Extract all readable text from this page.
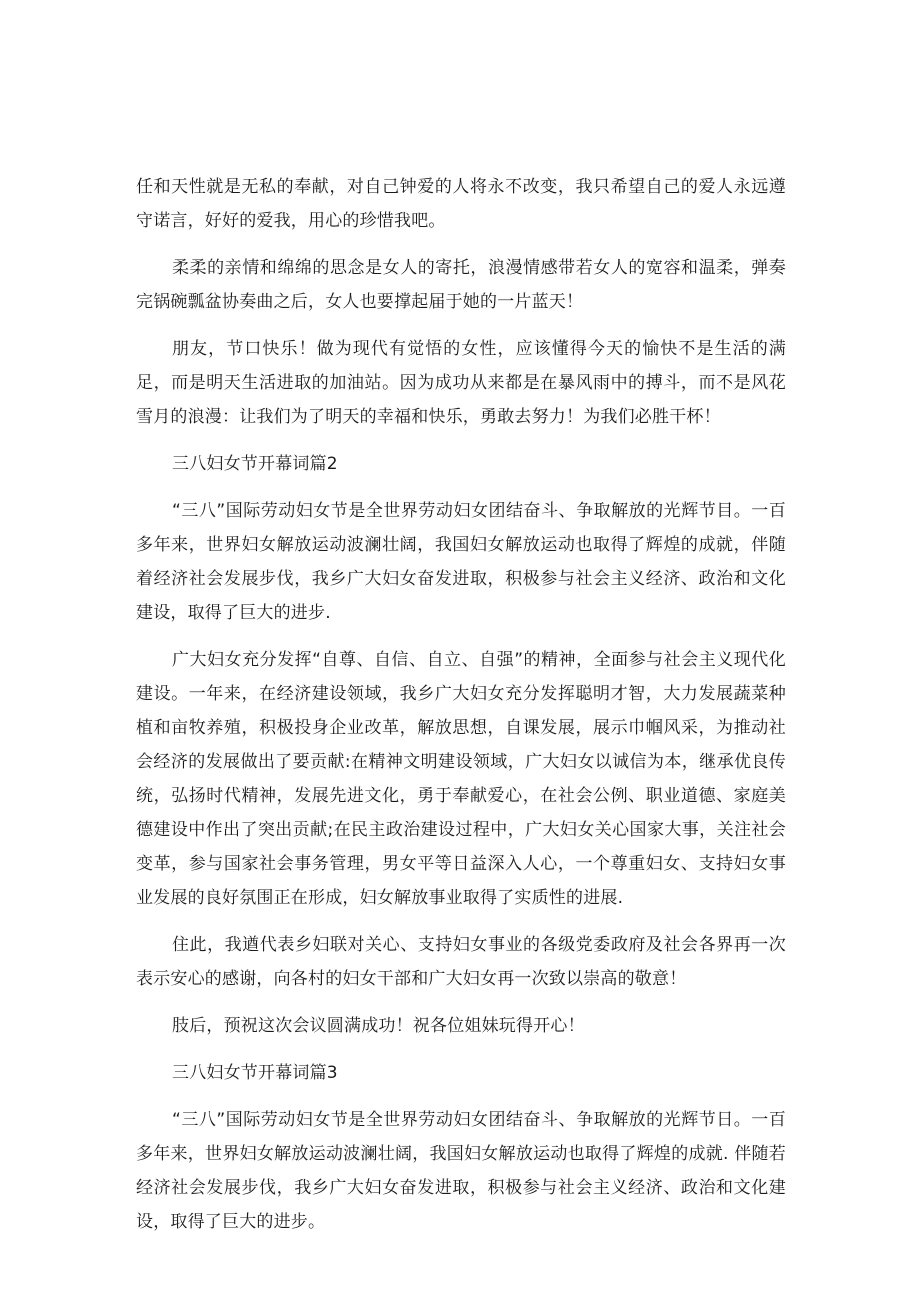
任和天性就是无私的奉献，对自己钟爱的人将永不改变，我只希望自己的爱人永远遵守诺言，好好的爱我，用心的珍惜我吧。

柔柔的亲情和绵绵的思念是女人的寄托，浪漫情感带若女人的宽容和温柔，弹奏完锅碗瓢盆协奏曲之后，女人也要撑起届于她的一片蓝天！

朋友，节口快乐！做为现代有觉悟的女性，应该懂得今天的愉快不是生活的满足，而是明天生活进取的加油站。因为成功从来都是在暴风雨中的搏斗，而不是风花雪月的浪漫：让我们为了明天的幸福和快乐，勇敢去努力！为我们必胜干杯！

三八妇女节开幕词篇2

“三八”国际劳动妇女节是全世界劳动妇女团结奋斗、争取解放的光辉节目。一百多年来，世界妇女解放运动波澜壮阔，我国妇女解放运动也取得了辉煌的成就，伴随着经济社会发展步伐，我乡广大妇女奋发进取，积极参与社会主义经济、政治和文化建设，取得了巨大的进步.

广大妇女充分发挥“自尊、自信、自立、自强”的精神，全面参与社会主义现代化建设。一年来，在经济建设领域，我乡广大妇女充分发挥聪明才智，大力发展蔬菜种植和亩牧养殖，积极投身企业改革，解放思想，自课发展，展示巾帼风采，为推动社会经济的发展做出了要贡献:在精神文明建设领域，广大妇女以诚信为本，继承优良传统，弘扬时代精神，发展先进文化，勇于奉献爱心，在社会公例、职业道德、家庭美德建设中作出了突出贡献;在民主政治建设过程中，广大妇女关心国家大事，关注社会变革，参与国家社会事务管理，男女平等日益深入人心，一个尊重妇女、支持妇女事业发展的良好氛围正在形成，妇女解放事业取得了实质性的进展.

住此，我遒代表乡妇联对关心、支持妇女事业的各级党委政府及社会各界再一次表示安心的感谢，向各村的妇女干部和广大妇女再一次致以崇高的敬意！

肢后，预祝这次会议圆满成功！祝各位姐妹玩得开心！

三八妇女节开幕词篇3

“三八”国际劳动妇女节是全世界劳动妇女团结奋斗、争取解放的光辉节日。一百多年来，世界妇女解放运动波澜壮阔，我国妇女解放运动也取得了辉煌的成就. 伴随若经济社会发展步伐，我乡广大妇女奋发进取，积极参与社会主义经济、政治和文化建设，取得了巨大的进步。
